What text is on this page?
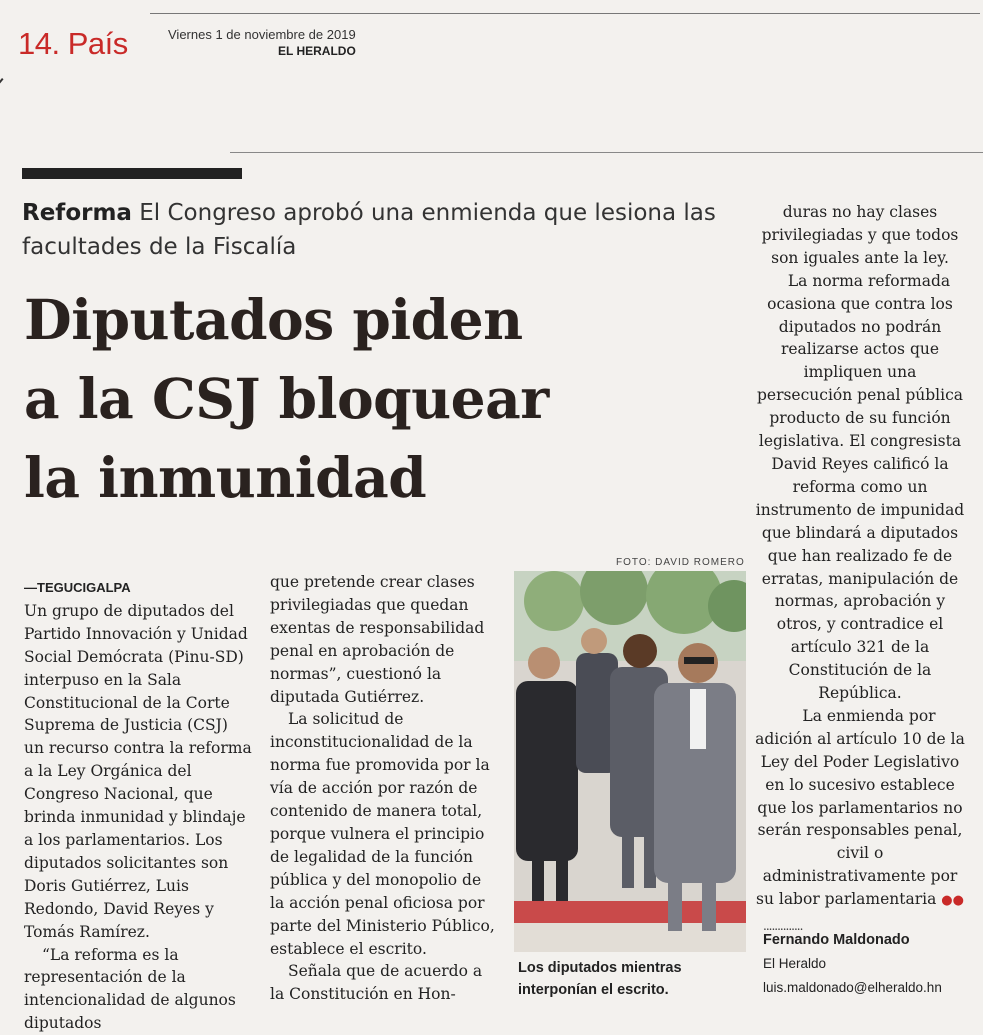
14. País	Viernes 1 de noviembre de 2019
EL HERALDO
Reforma El Congreso aprobó una enmienda que lesiona las facultades de la Fiscalía
Diputados piden
a la CSJ bloquear
la inmunidad
—TEGUCIGALPA

Un grupo de diputados del Partido Innovación y Unidad Social Demócrata (Pinu-SD) interpuso en la Sala Constitucional de la Corte Suprema de Justicia (CSJ) un recurso contra la reforma a la Ley Orgánica del Congreso Nacional, que brinda inmunidad y blindaje a los parlamentarios. Los diputados solicitantes son Doris Gutiérrez, Luis Redondo, David Reyes y Tomás Ramírez.

“La reforma es la representación de la intencionalidad de algunos diputados

que pretende crear clases privilegiadas que quedan exentas de responsabilidad penal en aprobación de normas”, cuestionó la diputada Gutiérrez.

La solicitud de inconstitucionalidad de la norma fue promovida por la vía de acción por razón de contenido de manera total, porque vulnera el principio de legalidad de la función pública y del monopolio de la acción penal oficiosa por parte del Ministerio Público, establece el escrito.

Señala que de acuerdo a la Constitución en Hon-

FOTO: DAVID ROMERO
Los diputados mientras interponían el escrito.

duras no hay clases privilegiadas y que todos son iguales ante la ley.

La norma reformada ocasiona que contra los diputados no podrán realizarse actos que impliquen una persecución penal pública producto de su función legislativa. El congresista David Reyes calificó la reforma como un instrumento de impunidad que blindará a diputados que han realizado fe de erratas, manipulación de normas, aprobación y otros, y contradice el artículo 321 de la Constitución de la República.

La enmienda por adición al artículo 10 de la Ley del Poder Legislativo en lo sucesivo establece que los parlamentarios no serán responsables penal, civil o administrativamente por su labor parlamentaria ●●

..............
Fernando Maldonado
El Heraldo
luis.maldonado@elheraldo.hn
